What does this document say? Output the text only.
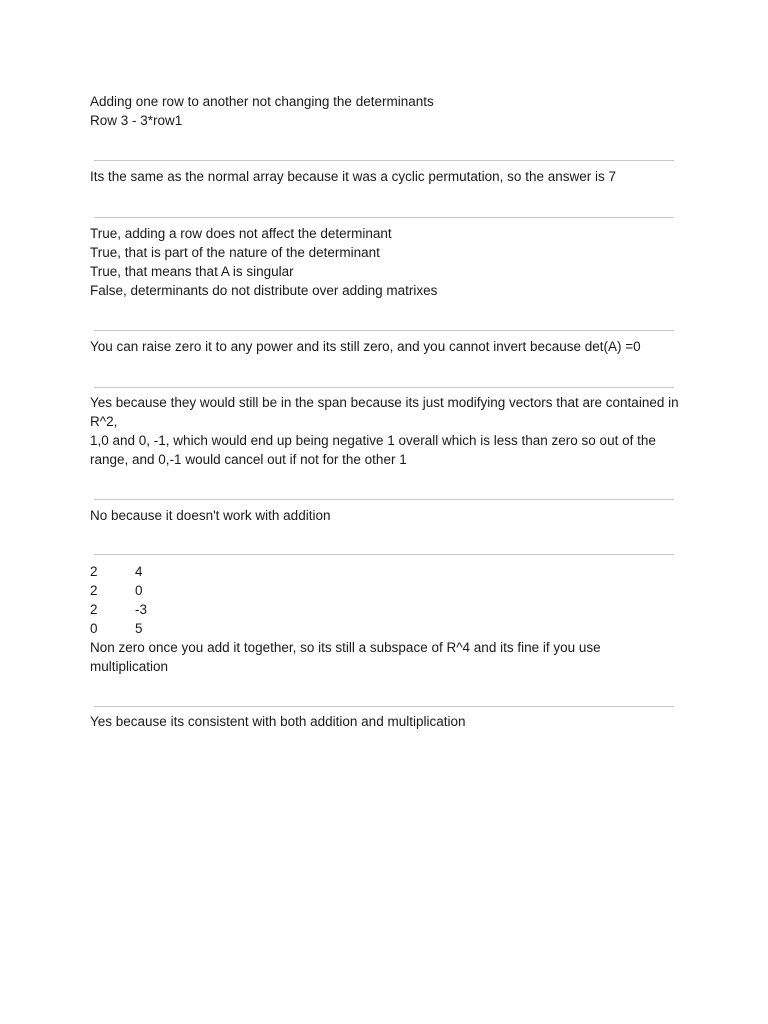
Adding one row to another not changing the determinants
Row 3 - 3*row1
Its the same as the normal array because it was a cyclic permutation, so the answer is 7
True, adding a row does not affect the determinant
True, that is part of the nature of the determinant
True, that means that A is singular
False, determinants do not distribute over adding matrixes
You can raise zero it to any power and its still zero, and you cannot invert because det(A) =0
Yes because they would still be in the span because its just modifying vectors that are contained in R^2,
1,0 and 0, -1, which would end up being negative 1 overall which is less than zero so out of the range, and 0,-1 would cancel out if not for the other 1
No because it doesn't work with addition
2	4
2	0
2	-3
0	5
Non zero once you add it together, so its still a subspace of R^4 and its fine if you use multiplication
Yes because its consistent with both addition and multiplication
